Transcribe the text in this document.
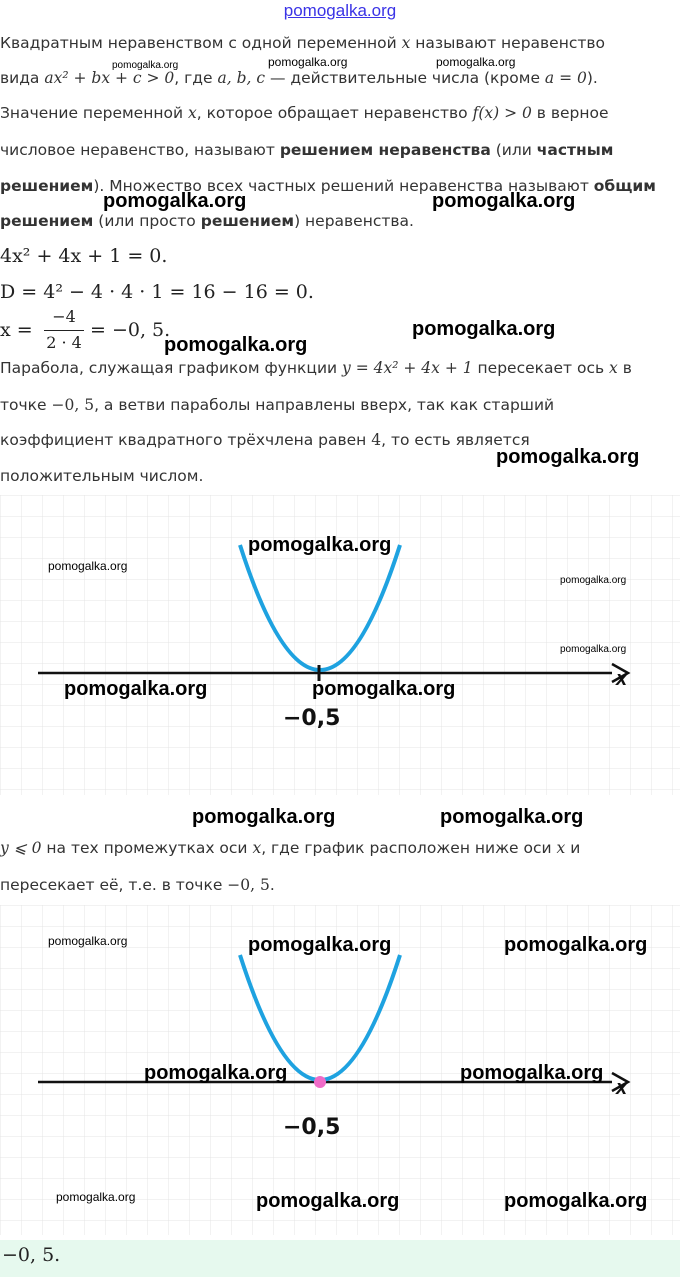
pomogalka.org
Квадратным неравенством с одной переменной x называют неравенство
вида ax² + bx + c > 0, где a, b, c — действительные числа (кроме a = 0).
Значение переменной x, которое обращает неравенство f(x) > 0 в верное
числовое неравенство, называют решением неравенства (или частным
решением). Множество всех частных решений неравенства называют общим
решением (или просто решением) неравенства.
4x² + 4x + 1 = 0.
D = 4² − 4 · 4 · 1 = 16 − 16 = 0.
x =
−4
2 · 4
= −0, 5.
Парабола, служащая графиком функции y = 4x² + 4x + 1 пересекает ось x в
точке −0, 5, а ветви параболы направлены вверх, так как старший
коэффициент квадратного трёхчлена равен 4, то есть является
положительным числом.
x
−0,5
y ⩽ 0 на тех промежутках оси x, где график расположен ниже оси x и
пересекает её, т.е. в точке −0, 5.
x
−0,5
−0, 5.
pomogalka.org	pomogalka.org	pomogalka.org
pomogalka.org	pomogalka.org
pomogalka.org
pomogalka.org
pomogalka.org
pomogalka.org
pomogalka.org
pomogalka.org
pomogalka.org
pomogalka.org	pomogalka.org
pomogalka.org	pomogalka.org
pomogalka.org	pomogalka.org	pomogalka.org
pomogalka.org	pomogalka.org
pomogalka.org	pomogalka.org	pomogalka.org
